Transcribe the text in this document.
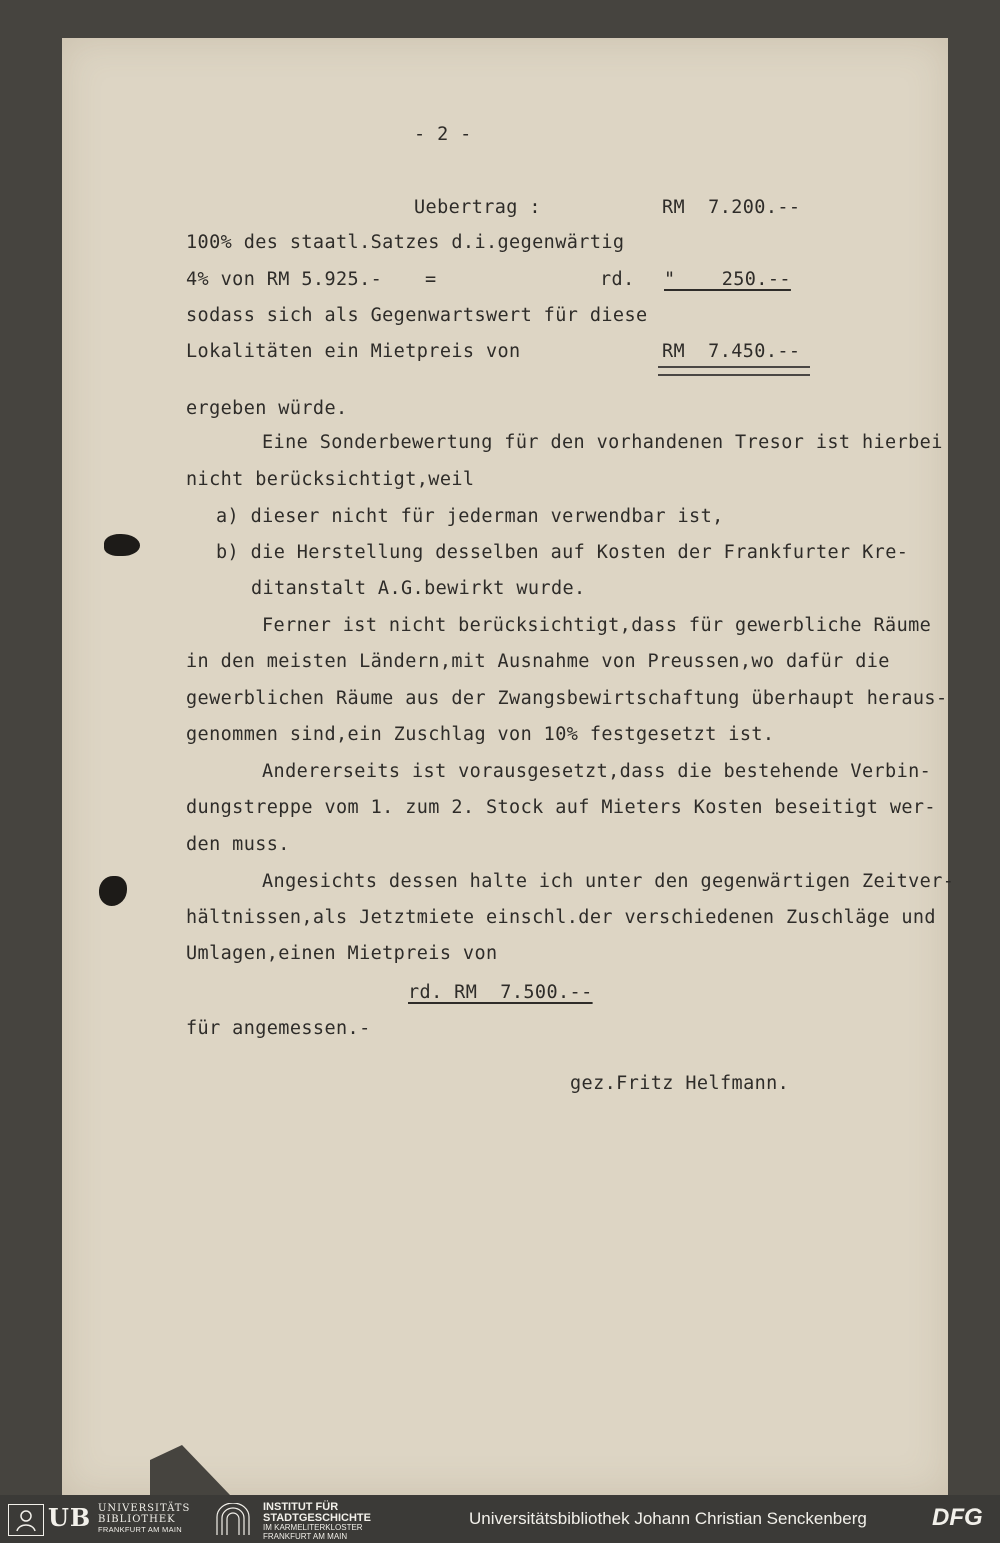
- 2 -
Uebertrag :	RM  7.200.--
100% des staatl.Satzes d.i.gegenwärtig
4% von RM 5.925.- =	rd. "    250.--
sodass sich als Gegenwartswert für diese
Lokalitäten ein Mietpreis von	RM  7.450.--
ergeben würde.
Eine Sonderbewertung für den vorhandenen Tresor ist hierbei
nicht berücksichtigt,weil
a) dieser nicht für jederman verwendbar ist,
b) die Herstellung desselben auf Kosten der Frankfurter Kre-
ditanstalt A.G.bewirkt wurde.
Ferner ist nicht berücksichtigt,dass für gewerbliche Räume
in den meisten Ländern,mit Ausnahme von Preussen,wo dafür die
gewerblichen Räume aus der Zwangsbewirtschaftung überhaupt heraus-
genommen sind,ein Zuschlag von 10% festgesetzt ist.
Andererseits ist vorausgesetzt,dass die bestehende Verbin-
dungstreppe vom 1. zum 2. Stock auf Mieters Kosten beseitigt wer-
den muss.
Angesichts dessen halte ich unter den gegenwärtigen Zeitver-
hältnissen,als Jetztmiete einschl.der verschiedenen Zuschläge und
Umlagen,einen Mietpreis von
rd. RM  7.500.--
für angemessen.-
gez.Fritz Helfmann.
UB UNIVERSITÄTS
BIBLIOTHEK
FRANKFURT AM MAIN
INSTITUT FÜR
STADTGESCHICHTE
IM KARMELITERKLOSTER
FRANKFURT AM MAIN
Universitätsbibliothek Johann Christian Senckenberg	DFG
